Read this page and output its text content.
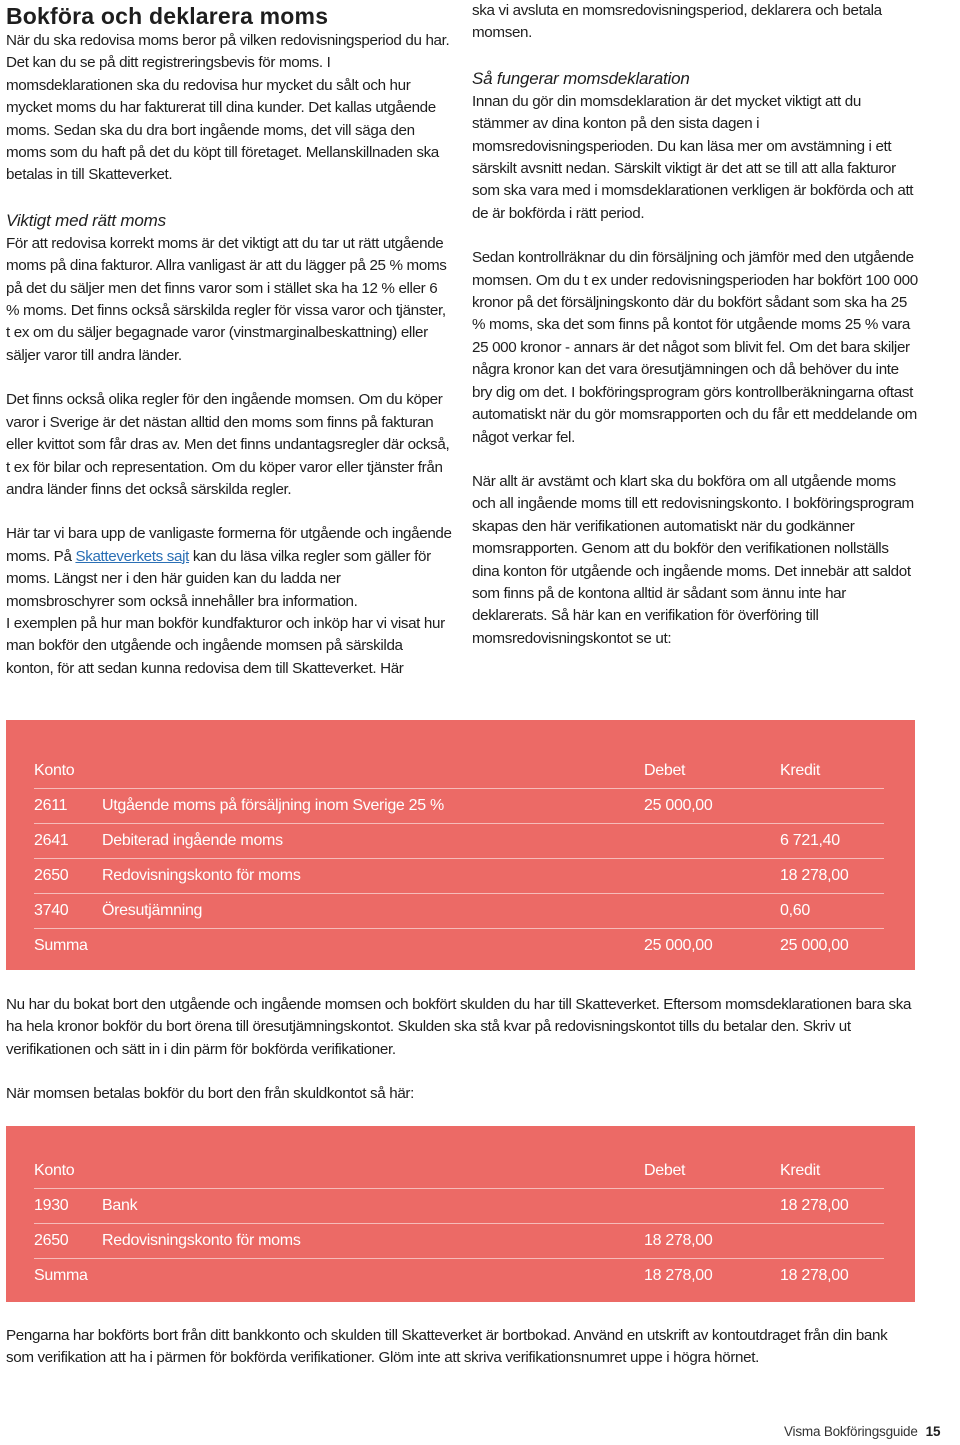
Bokföra och deklarera moms

När du ska redovisa moms beror på vilken redovisningsperiod du har. Det kan du se på ditt registreringsbevis för moms. I momsdeklarationen ska du redovisa hur mycket du sålt och hur mycket moms du har fakturerat till dina kunder. Det kallas utgående moms. Sedan ska du dra bort ingående moms, det vill säga den moms som du haft på det du köpt till företaget. Mellanskillnaden ska betalas in till Skatteverket.

Viktigt med rätt moms

För att redovisa korrekt moms är det viktigt att du tar ut rätt utgående moms på dina fakturor. Allra vanligast är att du lägger på 25 % moms på det du säljer men det finns varor som i stället ska ha 12 % eller 6 % moms. Det finns också särskilda regler för vissa varor och tjänster, t ex om du säljer begagnade varor (vinstmarginalbeskattning) eller säljer varor till andra länder.

Det finns också olika regler för den ingående momsen. Om du köper varor i Sverige är det nästan alltid den moms som finns på fakturan eller kvittot som får dras av. Men det finns undantagsregler där också, t ex för bilar och representation. Om du köper varor eller tjänster från andra länder finns det också särskilda regler.

Här tar vi bara upp de vanligaste formerna för utgående och ingående moms. På Skatteverkets sajt kan du läsa vilka regler som gäller för moms. Längst ner i den här guiden kan du ladda ner momsbroschyrer som också innehåller bra information.

I exemplen på hur man bokför kundfakturor och inköp har vi visat hur man bokför den utgående och ingående momsen på särskilda konton, för att sedan kunna redovisa dem till Skatteverket. Här

ska vi avsluta en momsredovisningsperiod, deklarera och betala momsen.

Så fungerar momsdeklaration

Innan du gör din momsdeklaration är det mycket viktigt att du stämmer av dina konton på den sista dagen i momsredovisningsperioden. Du kan läsa mer om avstämning i ett särskilt avsnitt nedan. Särskilt viktigt är det att se till att alla fakturor som ska vara med i momsdeklarationen verkligen är bokförda och att de är bokförda i rätt period.

Sedan kontrollräknar du din försäljning och jämför med den utgående momsen. Om du t ex under redovisningsperioden har bokfört 100 000 kronor på det försäljningskonto där du bokfört sådant som ska ha 25 % moms, ska det som finns på kontot för utgående moms 25 % vara 25 000 kronor - annars är det något som blivit fel. Om det bara skiljer några kronor kan det vara öresutjämningen och då behöver du inte bry dig om det. I bokföringsprogram görs kontrollberäkningarna oftast automatiskt när du gör momsrapporten och du får ett meddelande om något verkar fel.

När allt är avstämt och klart ska du bokföra om all utgående moms och all ingående moms till ett redovisningskonto. I bokföringsprogram skapas den här verifikationen automatiskt när du godkänner momsrapporten. Genom att du bokför den verifikationen nollställs dina konton för utgående och ingående moms. Det innebär att saldot som finns på de kontona alltid är sådant som ännu inte har deklarerats. Så här kan en verifikation för överföring till momsredovisningskontot se ut:

Konto		Debet	Kredit
2611	Utgående moms på försäljning inom Sverige 25 %	25 000,00	
2641	Debiterad ingående moms		6 721,40
2650	Redovisningskonto för moms		18 278,00
3740	Öresutjämning		0,60
Summa		25 000,00	25 000,00

Nu har du bokat bort den utgående och ingående momsen och bokfört skulden du har till Skatteverket. Eftersom momsdeklarationen bara ska ha hela kronor bokför du bort örena till öresutjämningskontot. Skulden ska stå kvar på redovisningskontot tills du betalar den. Skriv ut verifikationen och sätt in i din pärm för bokförda verifikationer.

När momsen betalas bokför du bort den från skuldkontot så här:

Konto		Debet	Kredit
1930	Bank		18 278,00
2650	Redovisningskonto för moms	18 278,00	
Summa		18 278,00	18 278,00

Pengarna har bokförts bort från ditt bankkonto och skulden till Skatteverket är bortbokad. Använd en utskrift av kontoutdraget från din bank som verifikation att ha i pärmen för bokförda verifikationer. Glöm inte att skriva verifikationsnumret uppe i högra hörnet.

Visma Bokföringsguide 15
